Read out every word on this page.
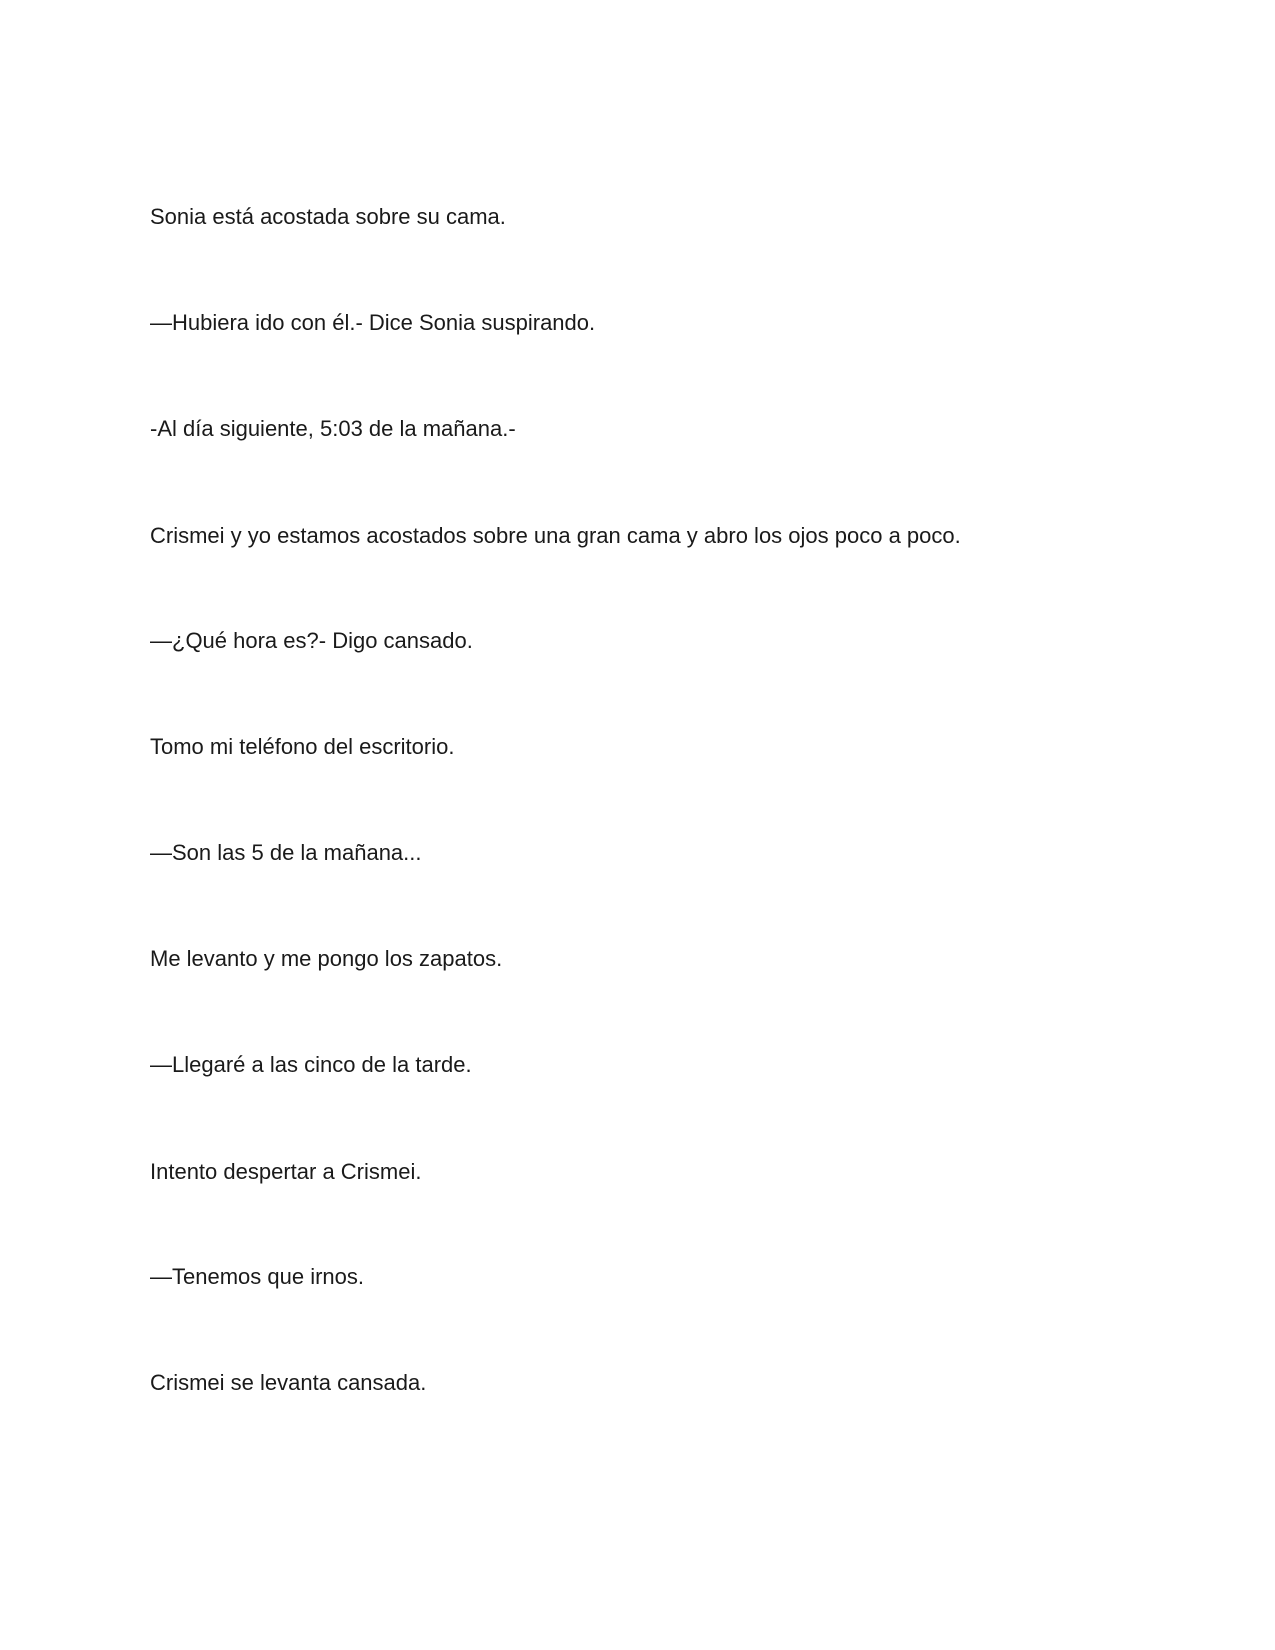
Sonia está acostada sobre su cama.

—Hubiera ido con él.- Dice Sonia suspirando.

-Al día siguiente, 5:03 de la mañana.-

Crismei y yo estamos acostados sobre una gran cama y abro los ojos poco a poco.

—¿Qué hora es?- Digo cansado.

Tomo mi teléfono del escritorio.

—Son las 5 de la mañana...

Me levanto y me pongo los zapatos.

—Llegaré a las cinco de la tarde.

Intento despertar a Crismei.

—Tenemos que irnos.

Crismei se levanta cansada.
